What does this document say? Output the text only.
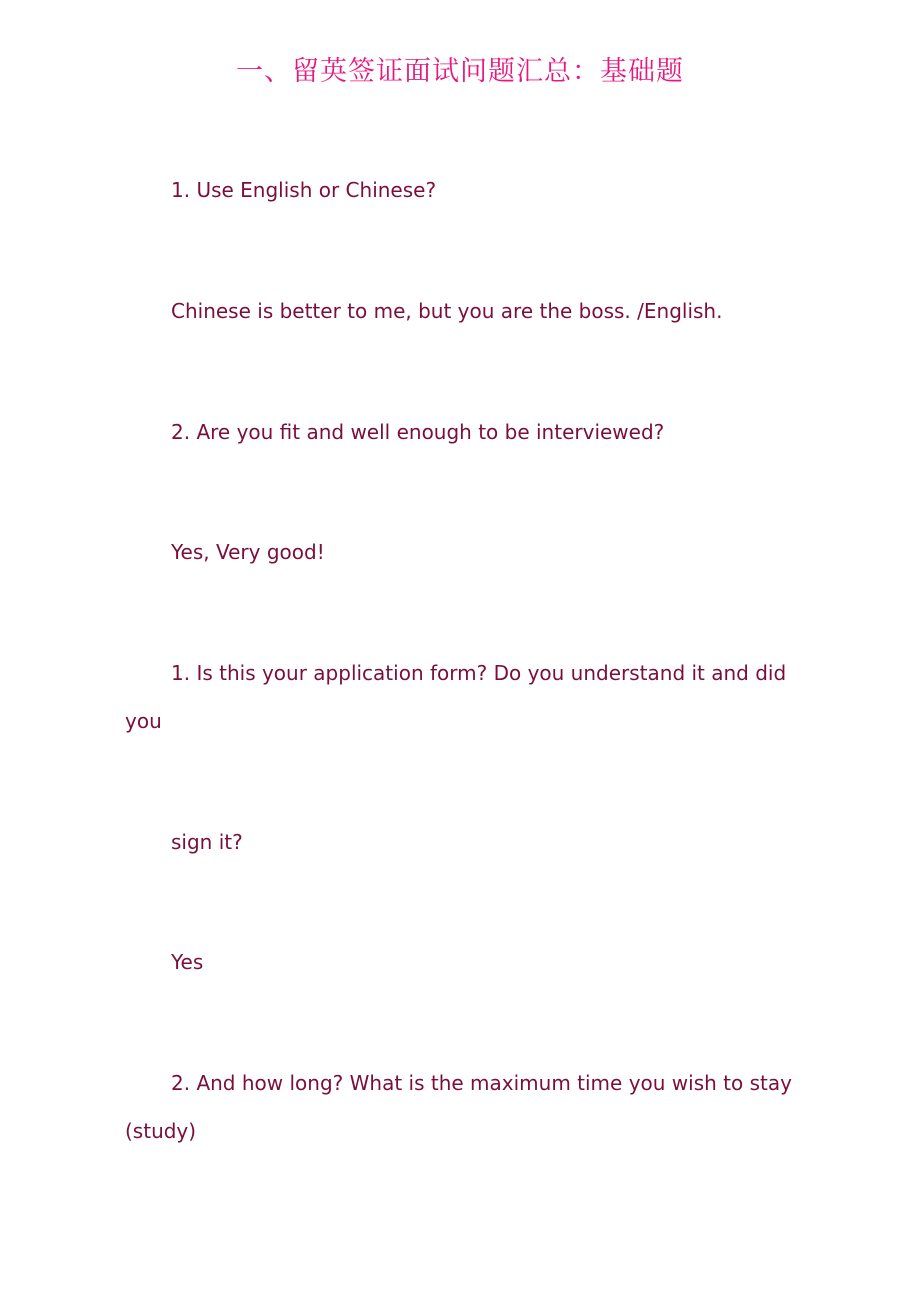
一、留英签证面试问题汇总：基础题
1. Use English or Chinese?
Chinese is better to me, but you are the boss. /English.
2. Are you fit and well enough to be interviewed?
Yes, Very good!
1. Is this your application form? Do you understand it and did you
sign it?
Yes
2. And how long? What is the maximum time you wish to stay (study)
